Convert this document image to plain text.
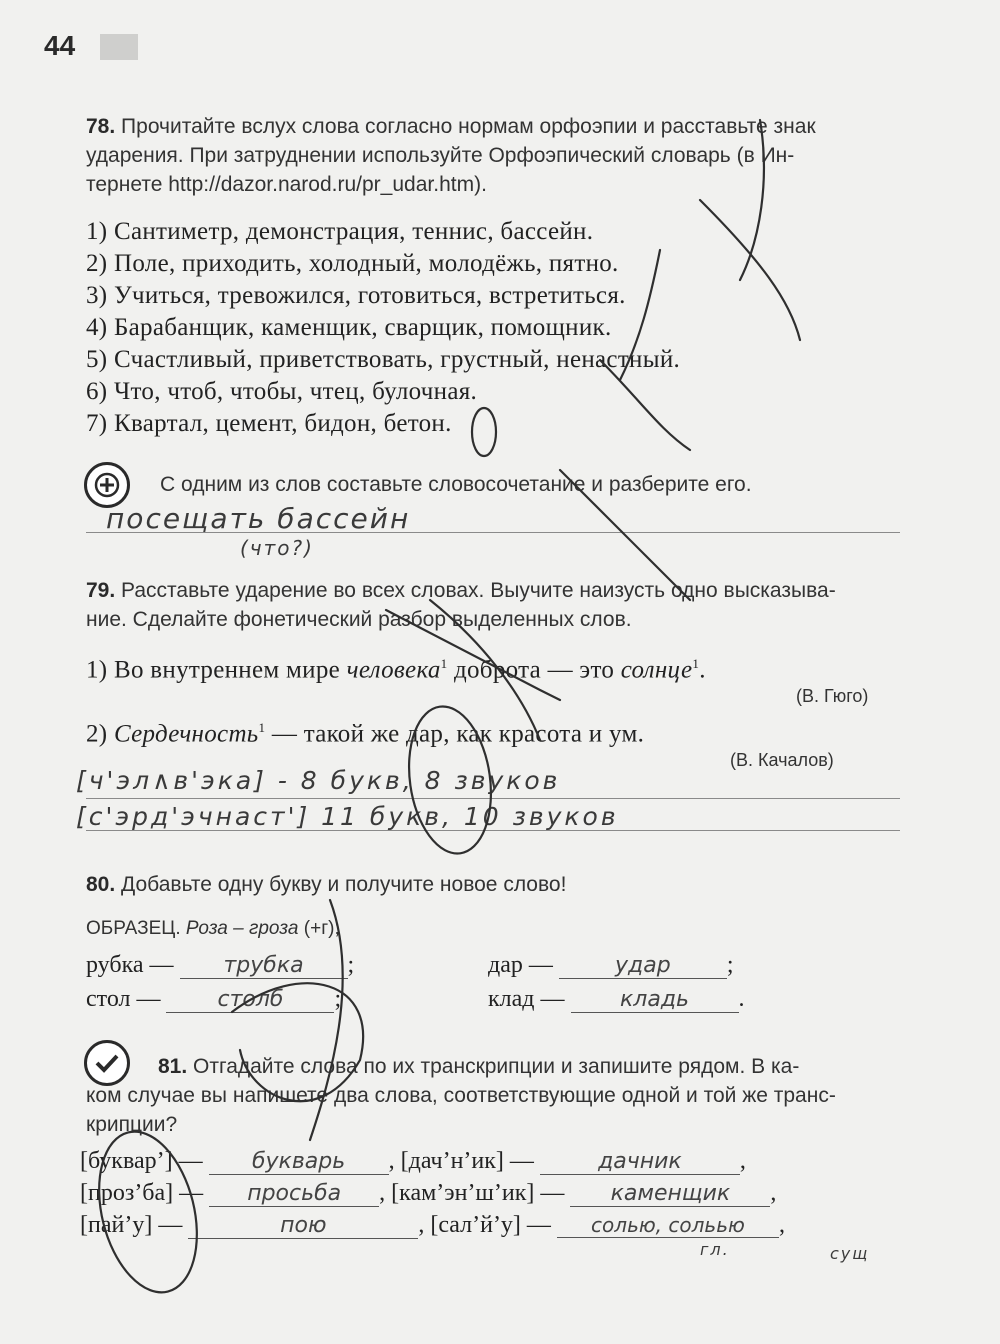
44
78. Прочитайте вслух слова согласно нормам орфоэпии и расставьте знак
ударения. При затруднении используйте Орфоэпический словарь (в Ин-
тернете http://dazor.narod.ru/pr_udar.htm).
1) Сантиметр, демонстрация, теннис, бассейн.
2) Поле, приходить, холодный, молодёжь, пятно.
3) Учиться, тревожился, готовиться, встретиться.
4) Барабанщик, каменщик, сварщик, помощник.
5) Счастливый, приветствовать, грустный, ненастный.
6) Что, чтоб, чтобы, чтец, булочная.
7) Квартал, цемент, бидон, бетон.
С одним из слов составьте словосочетание и разберите его.
посещать бассейн
(что?)
79. Расставьте ударение во всех словах. Выучите наизусть одно высказыва-
ние. Сделайте фонетический разбор выделенных слов.
1) Во внутреннем мире человека$^1$ доброта — это солнце$^1$.
(В. Гюго)
2) Сердечность$^1$ — такой же дар, как красота и ум.
(В. Качалов)
[ч'эл∧в'эка] - 8 букв, 8 звуков
[с'эрд'эчнаст'] 11 букв, 10 звуков
80. Добавьте одну букву и получите новое слово!
ОБРАЗЕЦ. Роза – гроза (+г);
рубка — трубка ;	дар —	удар ;
стол —	столб ;	клад —	кладь .
81. Отгадайте слова по их транскрипции и запишите рядом. В ка-
ком случае вы напишете два слова, соответствующие одной и той же транс-
крипции?
[буквар’] — букварь , [дач’н’ик] —	дачник ,
[проз’ба] — просьба , [кам’эн’ш’ик] — каменщик ,
[пай’у] —	пою	, [сал’й’у] — солью, сольью ,
гл.	сущ
